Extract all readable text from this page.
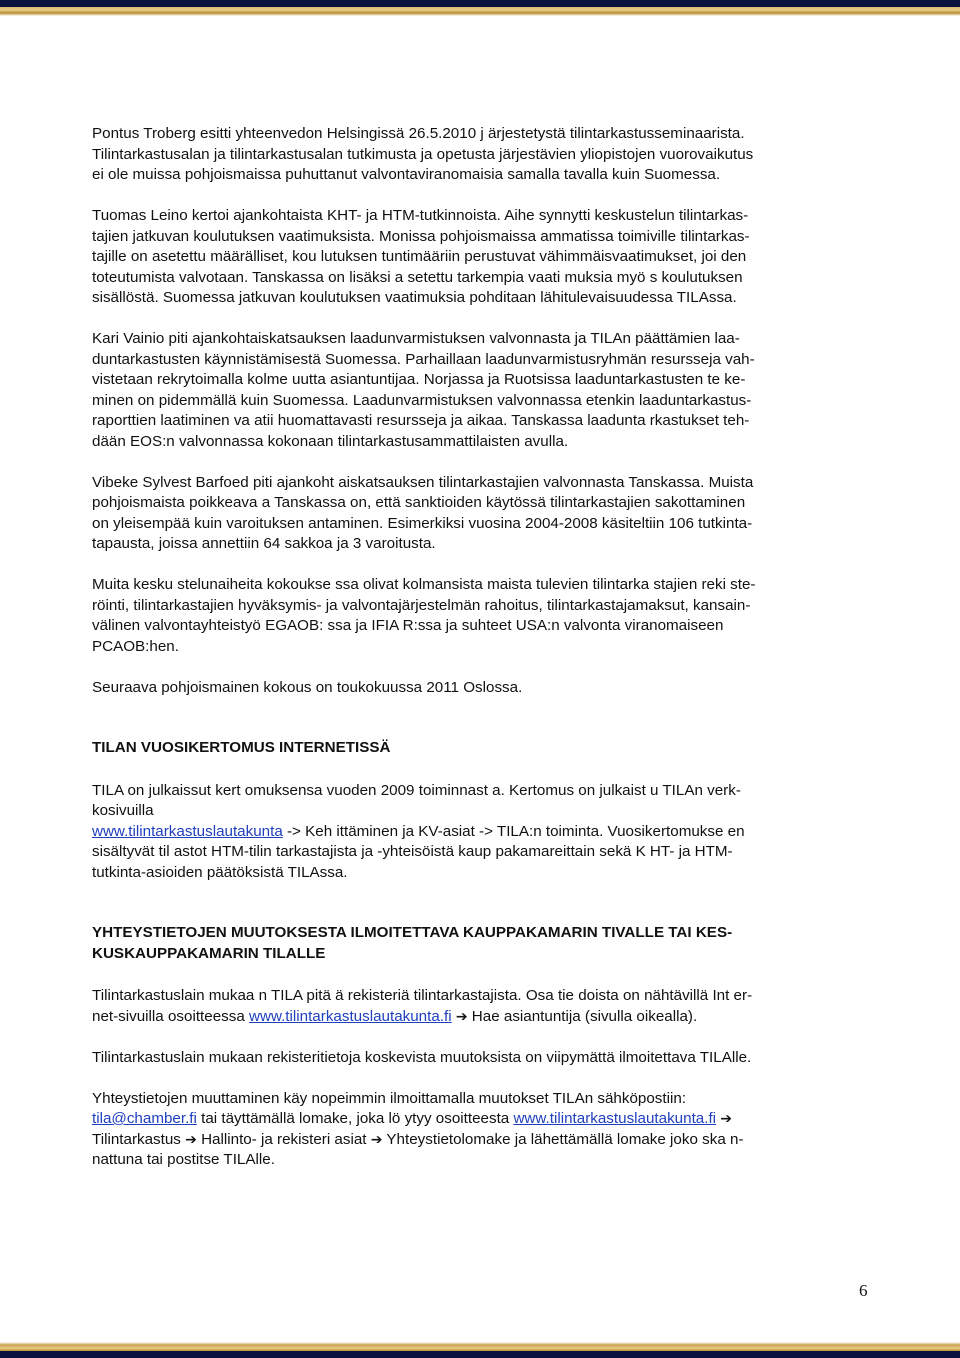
Pontus Troberg esitti yhteenvedon Helsingissä 26.5.2010 j ärjestetystä tilintarkastusseminaarista.
Tilintarkastusalan ja tilintarkastusalan tutkimusta ja opetusta järjestävien yliopistojen vuorovaikutus
ei ole muissa pohjoismaissa puhuttanut valvontaviranomaisia samalla tavalla kuin Suomessa.
Tuomas Leino kertoi ajankohtaista KHT- ja HTM-tutkinnoista. Aihe synnytti keskustelun tilintarkas-
tajien jatkuvan koulutuksen vaatimuksista. Monissa pohjoismaissa ammatissa toimiville tilintarkas-
tajille on asetettu määrälliset, kou lutuksen tuntimääriin perustuvat vähimmäisvaatimukset, joi den
toteutumista valvotaan. Tanskassa on lisäksi a setettu tarkempia vaati muksia myö s koulutuksen
sisällöstä. Suomessa jatkuvan koulutuksen vaatimuksia pohditaan lähitulevaisuudessa TILAssa.
Kari Vainio piti ajankohtaiskatsauksen laadunvarmistuksen valvonnasta ja TILAn päättämien laa-
duntarkastusten käynnistämisestä Suomessa. Parhaillaan laadunvarmistusryhmän resursseja vah-
vistetaan rekrytoimalla kolme uutta asiantuntijaa. Norjassa ja Ruotsissa laaduntarkastusten te ke-
minen on pidemmällä kuin Suomessa. Laadunvarmistuksen valvonnassa etenkin laaduntarkastus-
raporttien laatiminen va atii huomattavasti resursseja ja aikaa. Tanskassa laadunta rkastukset teh-
dään EOS:n valvonnassa kokonaan tilintarkastusammattilaisten avulla.
Vibeke Sylvest Barfoed piti ajankoht aiskatsauksen tilintarkastajien valvonnasta Tanskassa. Muista
pohjoismaista poikkeava a Tanskassa on, että sanktioiden käytössä tilintarkastajien sakottaminen
on yleisempää kuin varoituksen antaminen. Esimerkiksi vuosina 2004-2008 käsiteltiin 106 tutkinta-
tapausta, joissa annettiin 64 sakkoa ja 3 varoitusta.
Muita kesku stelunaiheita kokoukse ssa olivat kolmansista maista tulevien tilintarka stajien reki ste-
röinti, tilintarkastajien hyväksymis- ja valvontajärjestelmän rahoitus, tilintarkastajamaksut, kansain-
välinen valvontayhteistyö EGAOB: ssa ja IFIA R:ssa ja suhteet USA:n valvonta viranomaiseen
PCAOB:hen.
Seuraava pohjoismainen kokous on toukokuussa 2011 Oslossa.
TILAN VUOSIKERTOMUS INTERNETISSÄ
TILA on julkaissut kert omuksensa vuoden 2009 toiminnast a. Kertomus on julkaist u TILAn verk-
kosivuilla
www.tilintarkastuslautakunta -> Keh ittäminen ja KV-asiat -> TILA:n toiminta. Vuosikertomukse en
sisältyvät til astot HTM-tilin tarkastajista ja -yhteisöistä kaup pakamareittain sekä K HT- ja HTM-
tutkinta-asioiden päätöksistä TILAssa.
YHTEYSTIETOJEN MUUTOKSESTA ILMOITETTAVA KAUPPAKAMARIN TIVALLE TAI KES-
KUSKAUPPAKAMARIN TILALLE
Tilintarkastuslain mukaa n TILA pitä ä rekisteriä tilintarkastajista. Osa tie doista on nähtävillä Int er-
net-sivuilla osoitteessa www.tilintarkastuslautakunta.fi ➔ Hae asiantuntija (sivulla oikealla).
Tilintarkastuslain mukaan rekisteritietoja koskevista muutoksista on viipymättä ilmoitettava TILAlle.
Yhteystietojen muuttaminen käy nopeimmin ilmoittamalla muutokset TILAn sähköpostiin:
tila@chamber.fi tai täyttämällä lomake, joka lö ytyy osoitteesta www.tilintarkastuslautakunta.fi ➔
Tilintarkastus ➔ Hallinto- ja rekisteri asiat ➔ Yhteystietolomake ja lähettämällä lomake joko ska n-
nattuna tai postitse TILAlle.
6
